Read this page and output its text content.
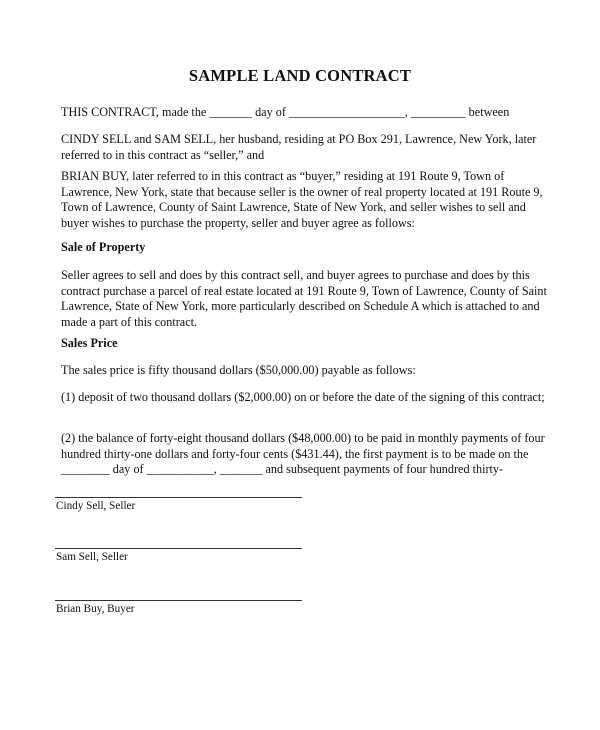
SAMPLE LAND CONTRACT
THIS CONTRACT, made the _______ day of ___________________, _________ between
CINDY SELL and SAM SELL, her husband, residing at PO Box 291, Lawrence, New York, later referred to in this contract as “seller,” and
BRIAN BUY, later referred to in this contract as “buyer,” residing at 191 Route 9, Town of Lawrence, New York, state that because seller is the owner of real property located at 191 Route 9, Town of Lawrence, County of Saint Lawrence, State of New York, and seller wishes to sell and buyer wishes to purchase the property, seller and buyer agree as follows:
Sale of Property
Seller agrees to sell and does by this contract sell, and buyer agrees to purchase and does by this contract purchase a parcel of real estate located at 191 Route 9, Town of Lawrence, County of Saint Lawrence, State of New York, more particularly described on Schedule A which is attached to and made a part of this contract.
Sales Price
The sales price is fifty thousand dollars ($50,000.00) payable as follows:
(1) deposit of two thousand dollars ($2,000.00) on or before the date of the signing of this contract;
(2) the balance of forty-eight thousand dollars ($48,000.00) to be paid in monthly payments of four hundred thirty-one dollars and forty-four cents ($431.44), the first payment is to be made on the ________ day of ___________, _______ and subsequent payments of four hundred thirty-
Cindy Sell, Seller
Sam Sell, Seller
Brian Buy, Buyer
